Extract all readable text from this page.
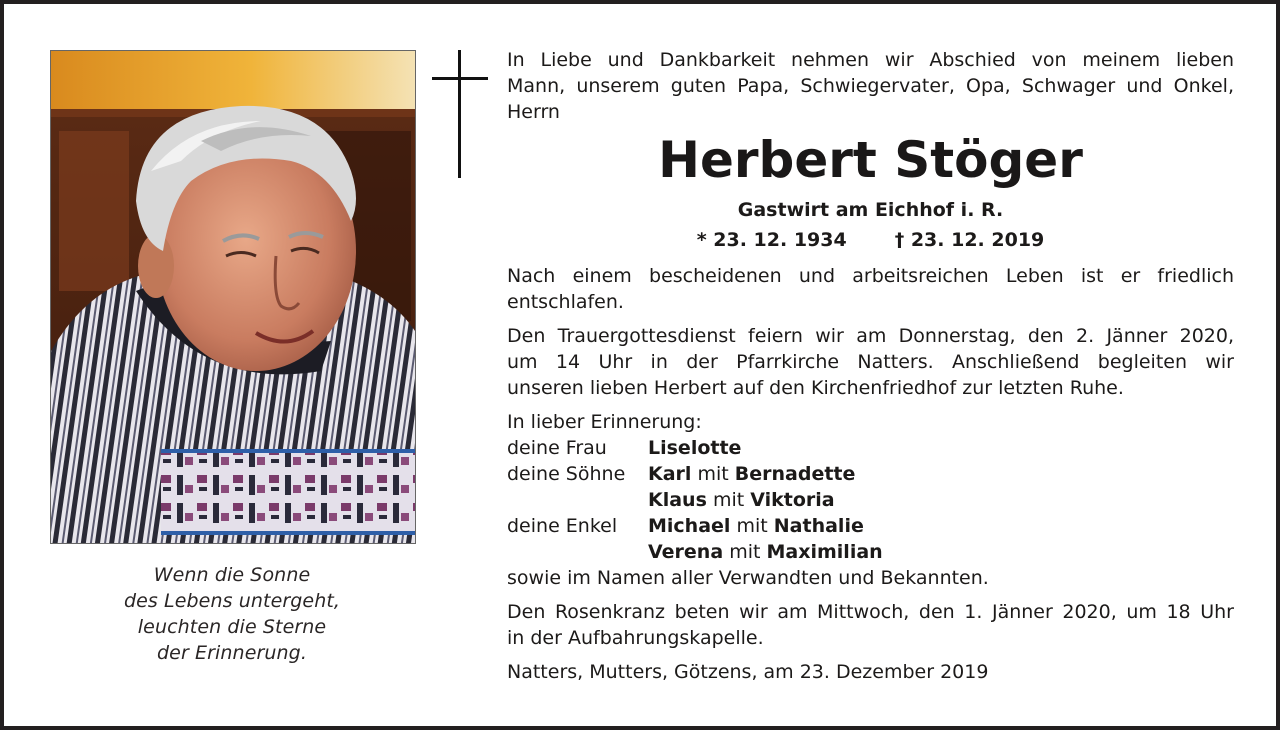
Wenn die Sonne
des Lebens untergeht,
leuchten die Sterne
der Erinnerung.
In Liebe und Dankbarkeit nehmen wir Abschied von meinem lieben
Mann, unserem guten Papa, Schwiegervater, Opa, Schwager und Onkel,
Herrn
Herbert Stöger
Gastwirt am Eichhof i. R.
* 23. 12. 1934	† 23. 12. 2019
Nach einem bescheidenen und arbeitsreichen Leben ist er friedlich
entschlafen.
Den Trauergottesdienst feiern wir am Donnerstag, den 2. Jänner 2020,
um 14 Uhr in der Pfarrkirche Natters. Anschließend begleiten wir
unseren lieben Herbert auf den Kirchenfriedhof zur letzten Ruhe.
In lieber Erinnerung:
deine Frau	Liselotte
deine Söhne	Karl mit Bernadette
Klaus mit Viktoria
deine Enkel	Michael mit Nathalie
Verena mit Maximilian
sowie im Namen aller Verwandten und Bekannten.
Den Rosenkranz beten wir am Mittwoch, den 1. Jänner 2020, um 18 Uhr
in der Aufbahrungskapelle.
Natters, Mutters, Götzens, am 23. Dezember 2019
